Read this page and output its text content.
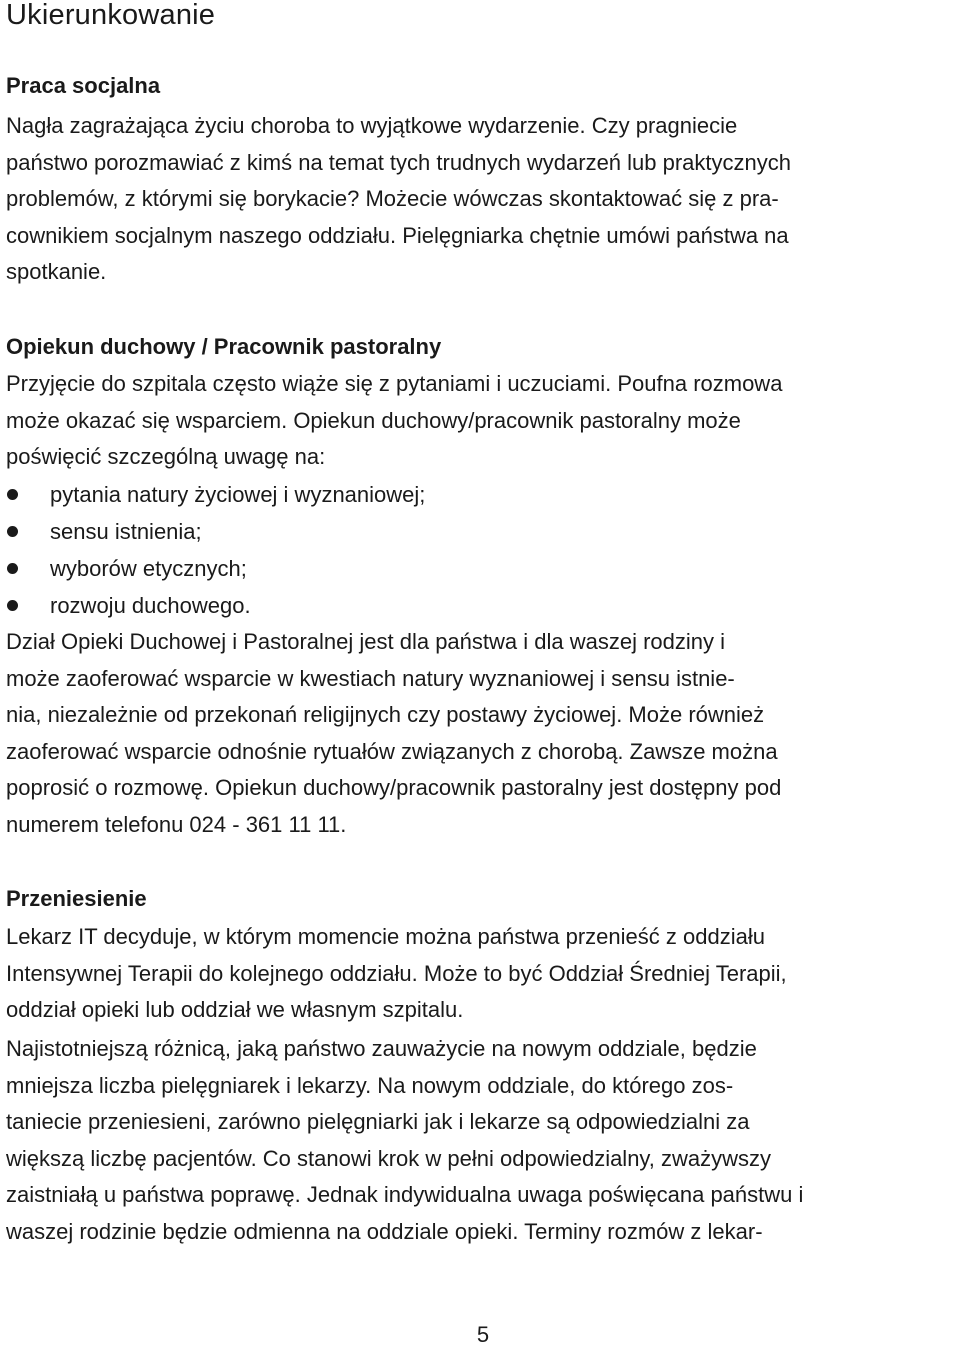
Ukierunkowanie
Praca socjalna

Nagła zagrażająca życiu choroba to wyjątkowe wydarzenie. Czy pragniecie
państwo porozmawiać z kimś na temat tych trudnych wydarzeń lub praktycznych
problemów, z którymi się borykacie? Możecie wówczas skontaktować się z pra-
cownikiem socjalnym naszego oddziału. Pielęgniarka chętnie umówi państwa na
spotkanie.

Opiekun duchowy / Pracownik pastoralny

Przyjęcie do szpitala często wiąże się z pytaniami i uczuciami. Poufna rozmowa
może okazać się wsparciem. Opiekun duchowy/pracownik pastoralny może
poświęcić szczególną uwagę na:

pytania natury życiowej i wyznaniowej;
sensu istnienia;
wyborów etycznych;
rozwoju duchowego.

Dział Opieki Duchowej i Pastoralnej jest dla państwa i dla waszej rodziny i
może zaoferować wsparcie w kwestiach natury wyznaniowej i sensu istnie-
nia, niezależnie od przekonań religijnych czy postawy życiowej. Może również
zaoferować wsparcie odnośnie rytuałów związanych z chorobą. Zawsze można
poprosić o rozmowę. Opiekun duchowy/pracownik pastoralny jest dostępny pod
numerem telefonu 024 - 361 11 11.

Przeniesienie

Lekarz IT decyduje, w którym momencie można państwa przenieść z oddziału
Intensywnej Terapii do kolejnego oddziału. Może to być Oddział Średniej Terapii,
oddział opieki lub oddział we własnym szpitalu.

Najistotniejszą różnicą, jaką państwo zauważycie na nowym oddziale, będzie
mniejsza liczba pielęgniarek i lekarzy. Na nowym oddziale, do którego zos-
taniecie przeniesieni, zarówno pielęgniarki jak i lekarze są odpowiedzialni za
większą liczbę pacjentów. Co stanowi krok w pełni odpowiedzialny, zważywszy
zaistniałą u państwa poprawę. Jednak indywidualna uwaga poświęcana państwu i
waszej rodzinie będzie odmienna na oddziale opieki. Terminy rozmów z lekar-

5
